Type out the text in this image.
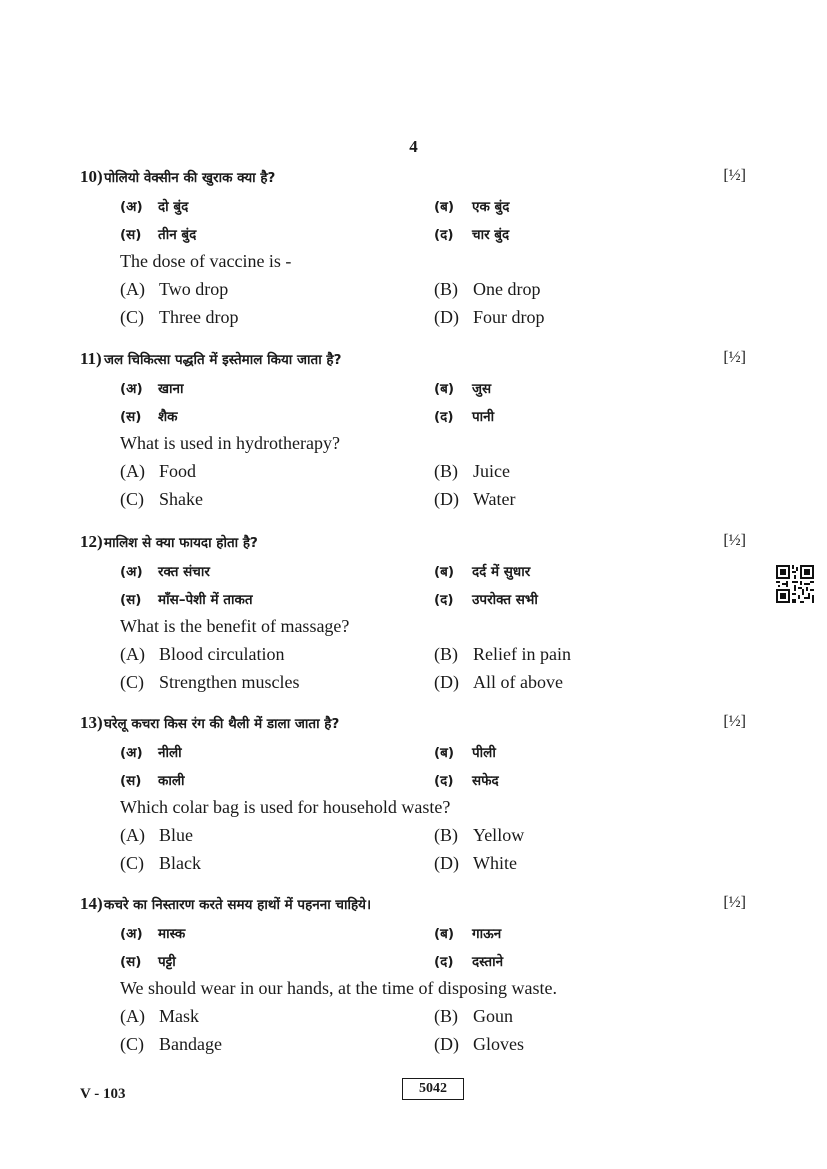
4
10) पोलियो वेक्सीन की खुराक क्या है?	[½]
(अ) दो बुंद	(ब) एक बुंद
(स) तीन बुंद	(द) चार बुंद
The dose of vaccine is -
(A) Two drop	(B) One drop
(C) Three drop	(D) Four drop
11) जल चिकित्सा पद्धति में इस्तेमाल किया जाता है?	[½]
(अ) खाना	(ब) जुस
(स) शैक	(द) पानी
What is used in hydrotherapy?
(A) Food	(B) Juice
(C) Shake	(D) Water
12) मालिश से क्या फायदा होता है?	[½]
(अ) रक्त संचार	(ब) दर्द में सुधार
(स) माँस–पेशी में ताकत	(द) उपरोक्त सभी
What is the benefit of massage?
(A) Blood circulation	(B) Relief in pain
(C) Strengthen muscles	(D) All of above
13) घरेलू कचरा किस रंग की थैली में डाला जाता है?	[½]
(अ) नीली	(ब) पीली
(स) काली	(द) सफेद
Which colar bag is used for household waste?
(A) Blue	(B) Yellow
(C) Black	(D) White
14) कचरे का निस्तारण करते समय हाथों में पहनना चाहिये।	[½]
(अ) मास्क	(ब) गाऊन
(स) पट्टी	(द) दस्ताने
We should wear in our hands, at the time of disposing waste.
(A) Mask	(B) Goun
(C) Bandage	(D) Gloves
V - 103	5042
